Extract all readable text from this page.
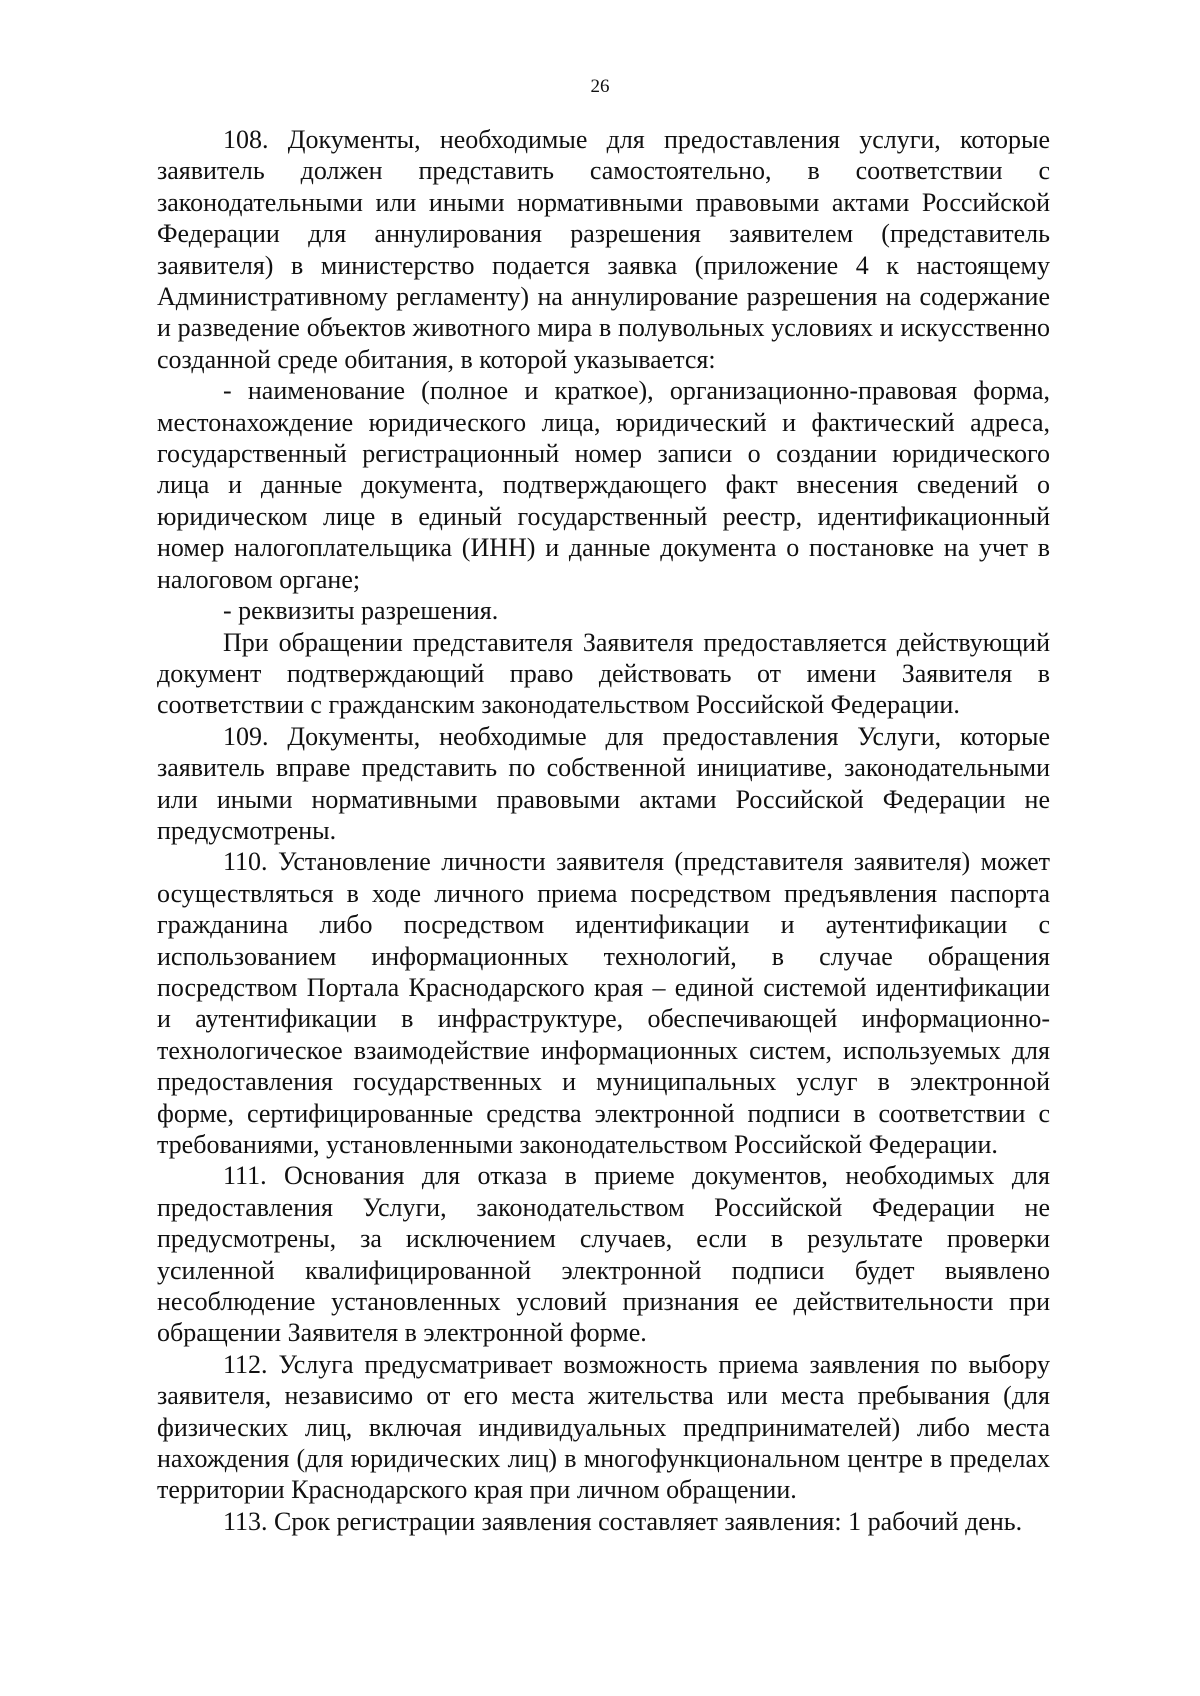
26

108. Документы, необходимые для предоставления услуги, которые заявитель должен представить самостоятельно, в соответствии с законодательными или иными нормативными правовыми актами Российской Федерации для аннулирования разрешения заявителем (представитель заявителя) в министерство подается заявка (приложение 4 к настоящему Административному регламенту) на аннулирование разрешения на содержание и разведение объектов животного мира в полувольных условиях и искусственно созданной среде обитания, в которой указывается:

- наименование (полное и краткое), организационно-правовая форма, местонахождение юридического лица, юридический и фактический адреса, государственный регистрационный номер записи о создании юридического лица и данные документа, подтверждающего факт внесения сведений о юридическом лице в единый государственный реестр, идентификационный номер налогоплательщика (ИНН) и данные документа о постановке на учет в налоговом органе;

- реквизиты разрешения.

При обращении представителя Заявителя предоставляется действующий документ подтверждающий право действовать от имени Заявителя в соответствии с гражданским законодательством Российской Федерации.

109. Документы, необходимые для предоставления Услуги, которые заявитель вправе представить по собственной инициативе, законодательными или иными нормативными правовыми актами Российской Федерации не предусмотрены.

110. Установление личности заявителя (представителя заявителя) может осуществляться в ходе личного приема посредством предъявления паспорта гражданина либо посредством идентификации и аутентификации с использованием информационных технологий, в случае обращения посредством Портала Краснодарского края – единой системой идентификации и аутентификации в инфраструктуре, обеспечивающей информационно-технологическое взаимодействие информационных систем, используемых для предоставления государственных и муниципальных услуг в электронной форме, сертифицированные средства электронной подписи в соответствии с требованиями, установленными законодательством Российской Федерации.

111. Основания для отказа в приеме документов, необходимых для предоставления Услуги, законодательством Российской Федерации не предусмотрены, за исключением случаев, если в результате проверки усиленной квалифицированной электронной подписи будет выявлено несоблюдение установленных условий признания ее действительности при обращении Заявителя в электронной форме.

112. Услуга предусматривает возможность приема заявления по выбору заявителя, независимо от его места жительства или места пребывания (для физических лиц, включая индивидуальных предпринимателей) либо места нахождения (для юридических лиц) в многофункциональном центре в пределах территории Краснодарского края при личном обращении.

113. Срок регистрации заявления составляет заявления: 1 рабочий день.
